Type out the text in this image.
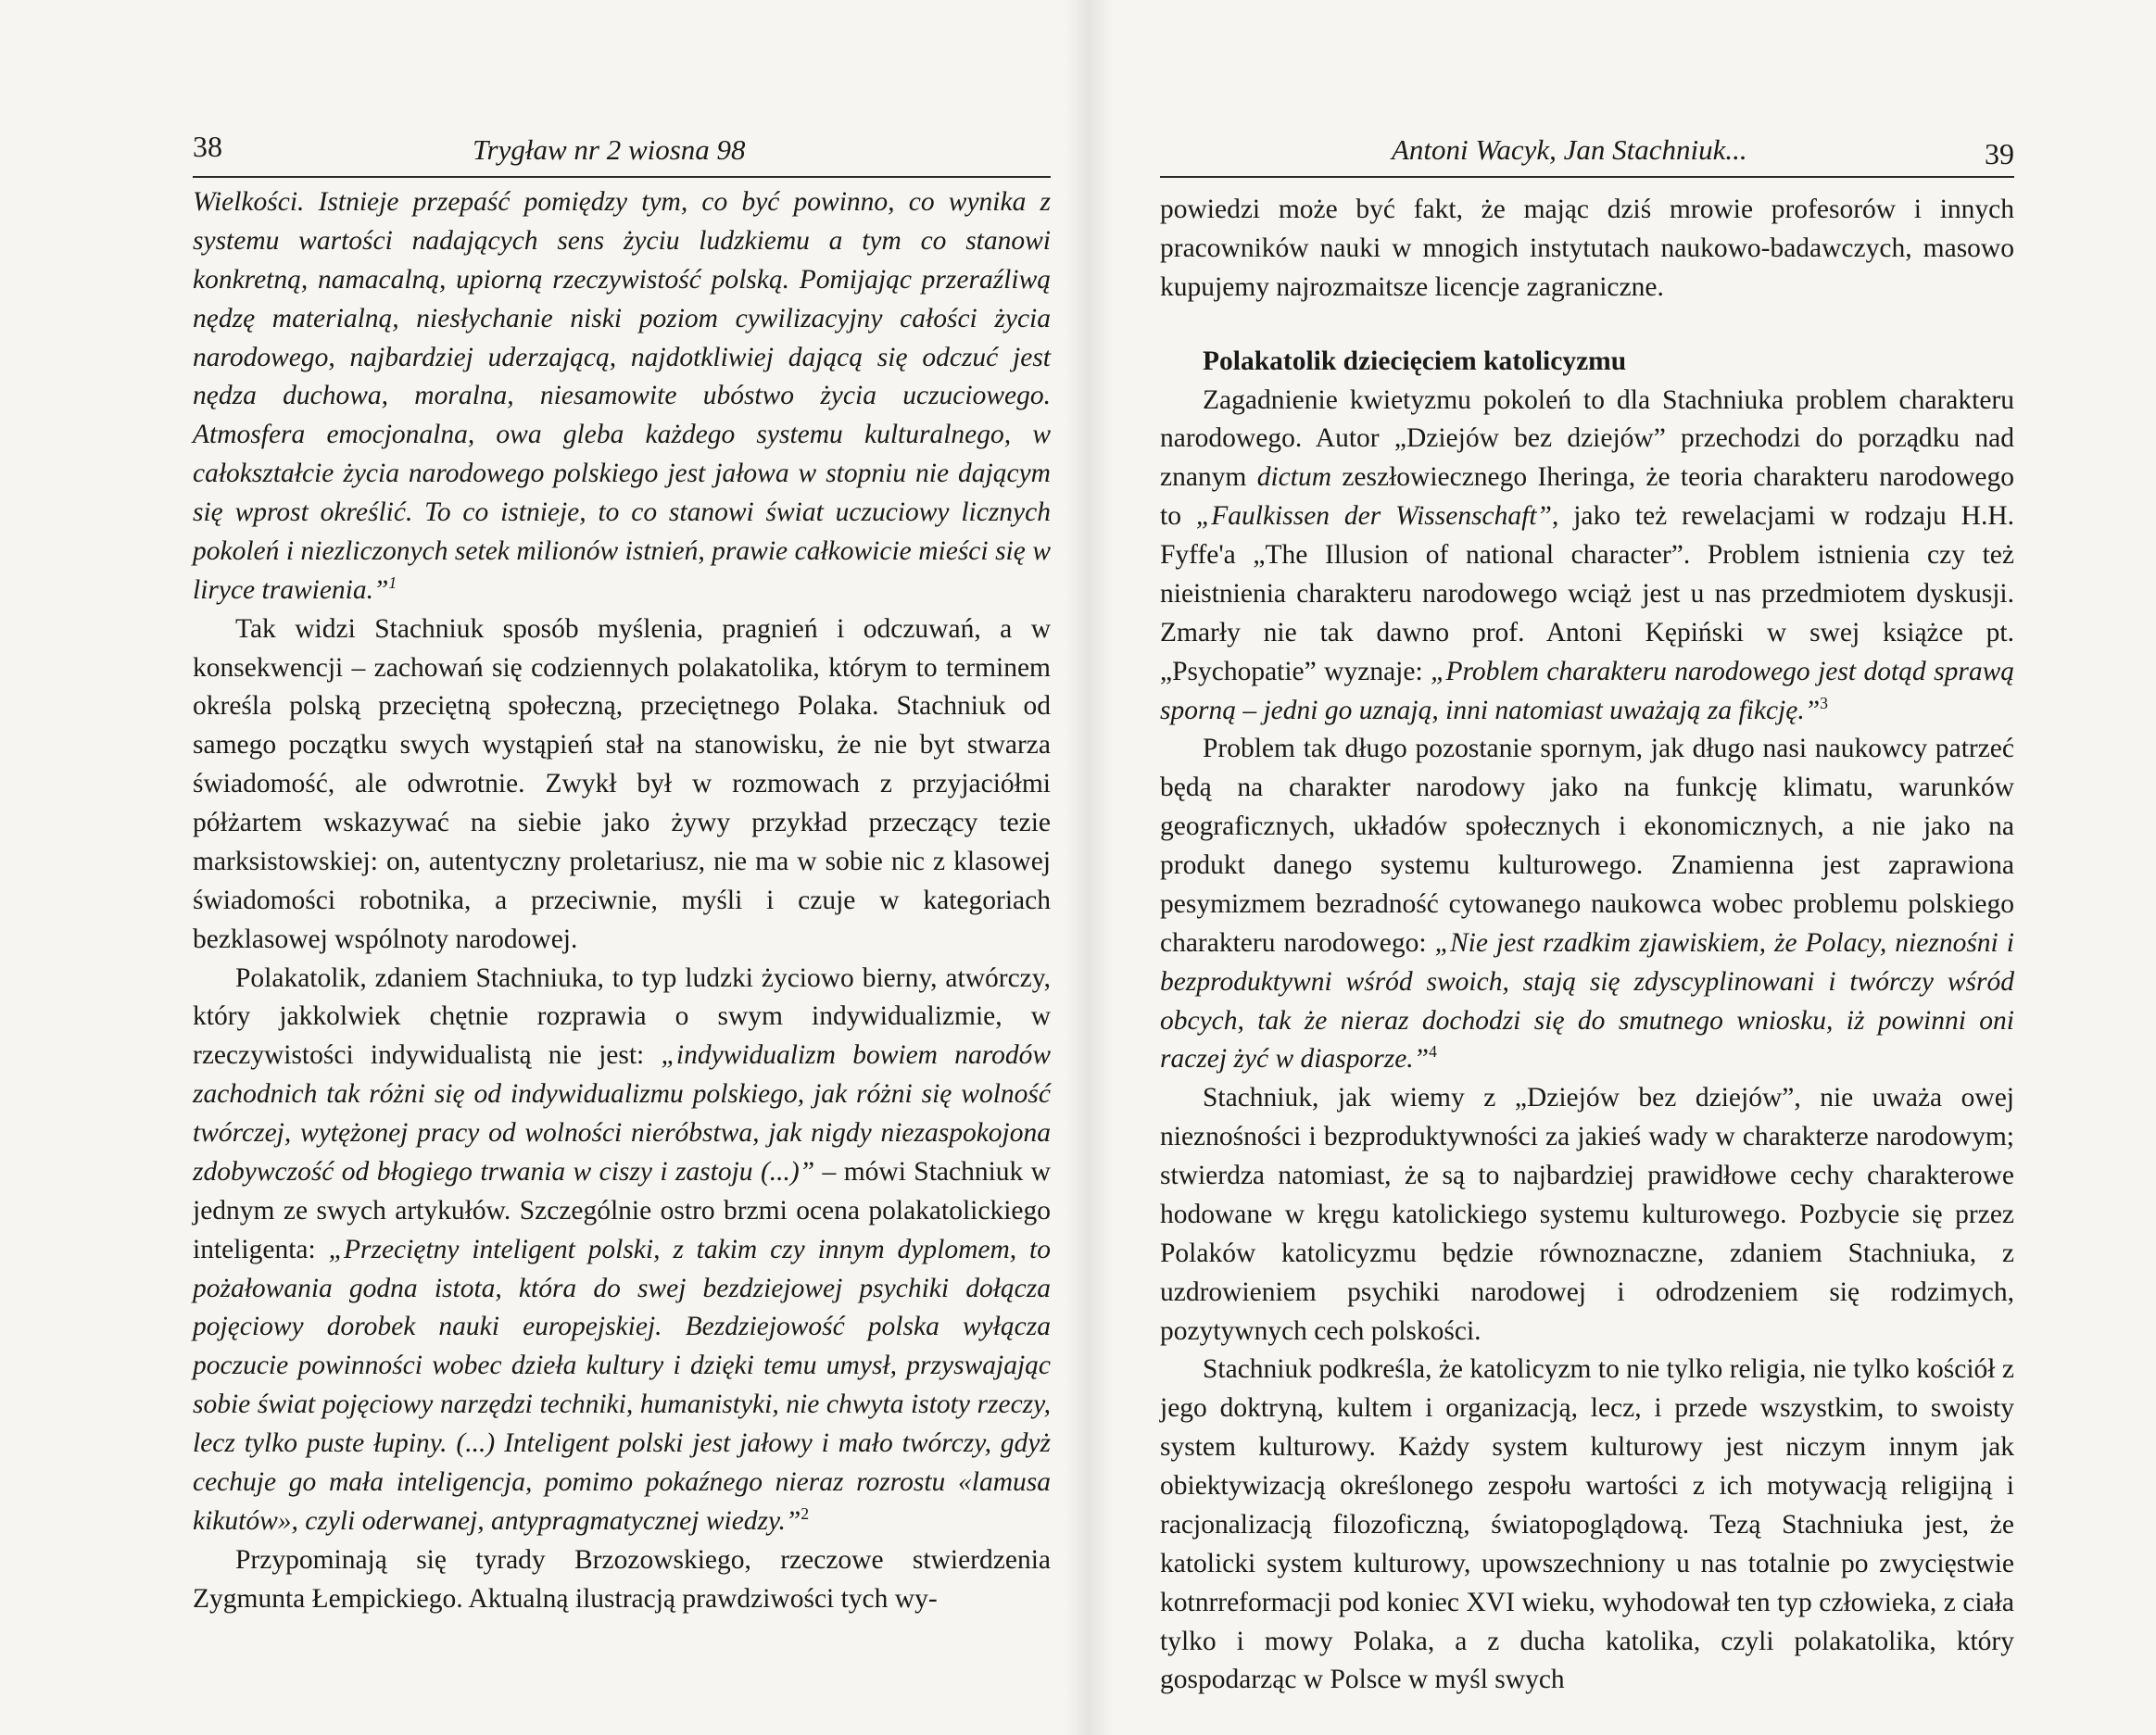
38	Trygław nr 2 wiosna 98

Wielkości. Istnieje przepaść pomiędzy tym, co być powinno, co wynika z systemu wartości nadających sens życiu ludzkiemu a tym co stanowi konkretną, namacalną, upiorną rzeczywistość polską. Pomijając przeraźliwą nędzę materialną, niesłychanie niski poziom cywilizacyjny całości życia narodowego, najbardziej uderzającą, najdotkliwiej dającą się odczuć jest nędza duchowa, moralna, niesamowite ubóstwo życia uczuciowego. Atmosfera emocjonalna, owa gleba każdego systemu kulturalnego, w całokształcie życia narodowego polskiego jest jałowa w stopniu nie dającym się wprost określić. To co istnieje, to co stanowi świat uczuciowy licznych pokoleń i niezliczonych setek milionów istnień, prawie całkowicie mieści się w liryce trawienia.”$^1$

Tak widzi Stachniuk sposób myślenia, pragnień i odczuwań, a w konsekwencji – zachowań się codziennych polakatolika, którym to terminem określa polską przeciętną społeczną, przeciętnego Polaka. Stachniuk od samego początku swych wystąpień stał na stanowisku, że nie byt stwarza świadomość, ale odwrotnie. Zwykł był w rozmowach z przyjaciółmi półżartem wskazywać na siebie jako żywy przykład przeczący tezie marksistowskiej: on, autentyczny proletariusz, nie ma w sobie nic z klasowej świadomości robotnika, a przeciwnie, myśli i czuje w kategoriach bezklasowej wspólnoty narodowej.

Polakatolik, zdaniem Stachniuka, to typ ludzki życiowo bierny, atwórczy, który jakkolwiek chętnie rozprawia o swym indywidualizmie, w rzeczywistości indywidualistą nie jest: „indywidualizm bowiem narodów zachodnich tak różni się od indywidualizmu polskiego, jak różni się wolność twórczej, wytężonej pracy od wolności nieróbstwa, jak nigdy niezaspokojona zdobywczość od błogiego trwania w ciszy i zastoju (...)” – mówi Stachniuk w jednym ze swych artykułów. Szczególnie ostro brzmi ocena polakatolickiego inteligenta: „Przeciętny inteligent polski, z takim czy innym dyplomem, to pożałowania godna istota, która do swej bezdziejowej psychiki dołącza pojęciowy dorobek nauki europejskiej. Bezdziejowość polska wyłącza poczucie powinności wobec dzieła kultury i dzięki temu umysł, przyswajając sobie świat pojęciowy narzędzi techniki, humanistyki, nie chwyta istoty rzeczy, lecz tylko puste łupiny. (...) Inteligent polski jest jałowy i mało twórczy, gdyż cechuje go mała inteligencja, pomimo pokaźnego nieraz rozrostu «lamusa kikutów», czyli oderwanej, antypragmatycznej wiedzy.”$^2$

Przypominają się tyrady Brzozowskiego, rzeczowe stwierdzenia Zygmunta Łempickiego. Aktualną ilustracją prawdziwości tych wy-

Antoni Wacyk, Jan Stachniuk...	39

powiedzi może być fakt, że mając dziś mrowie profesorów i innych pracowników nauki w mnogich instytutach naukowo-badawczych, masowo kupujemy najrozmaitsze licencje zagraniczne.

Polakatolik dziecięciem katolicyzmu

Zagadnienie kwietyzmu pokoleń to dla Stachniuka problem charakteru narodowego. Autor „Dziejów bez dziejów” przechodzi do porządku nad znanym dictum zeszłowiecznego Iheringa, że teoria charakteru narodowego to „Faulkissen der Wissenschaft”, jako też rewelacjami w rodzaju H.H. Fyffe'a „The Illusion of national character”. Problem istnienia czy też nieistnienia charakteru narodowego wciąż jest u nas przedmiotem dyskusji. Zmarły nie tak dawno prof. Antoni Kępiński w swej książce pt. „Psychopatie” wyznaje: „Problem charakteru narodowego jest dotąd sprawą sporną – jedni go uznają, inni natomiast uważają za fikcję.”$^3$

Problem tak długo pozostanie spornym, jak długo nasi naukowcy patrzeć będą na charakter narodowy jako na funkcję klimatu, warunków geograficznych, układów społecznych i ekonomicznych, a nie jako na produkt danego systemu kulturowego. Znamienna jest zaprawiona pesymizmem bezradność cytowanego naukowca wobec problemu polskiego charakteru narodowego: „Nie jest rzadkim zjawiskiem, że Polacy, nieznośni i bezproduktywni wśród swoich, stają się zdyscyplinowani i twórczy wśród obcych, tak że nieraz dochodzi się do smutnego wniosku, iż powinni oni raczej żyć w diasporze.”$^4$

Stachniuk, jak wiemy z „Dziejów bez dziejów”, nie uważa owej nieznośności i bezproduktywności za jakieś wady w charakterze narodowym; stwierdza natomiast, że są to najbardziej prawidłowe cechy charakterowe hodowane w kręgu katolickiego systemu kulturowego. Pozbycie się przez Polaków katolicyzmu będzie równoznaczne, zdaniem Stachniuka, z uzdrowieniem psychiki narodowej i odrodzeniem się rodzimych, pozytywnych cech polskości.

Stachniuk podkreśla, że katolicyzm to nie tylko religia, nie tylko kościół z jego doktryną, kultem i organizacją, lecz, i przede wszystkim, to swoisty system kulturowy. Każdy system kulturowy jest niczym innym jak obiektywizacją określonego zespołu wartości z ich motywacją religijną i racjonalizacją filozoficzną, światopoglądową. Tezą Stachniuka jest, że katolicki system kulturowy, upowszechniony u nas totalnie po zwycięstwie kotnrreformacji pod koniec XVI wieku, wyhodował ten typ człowieka, z ciała tylko i mowy Polaka, a z ducha katolika, czyli polakatolika, który gospodarząc w Polsce w myśl swych
